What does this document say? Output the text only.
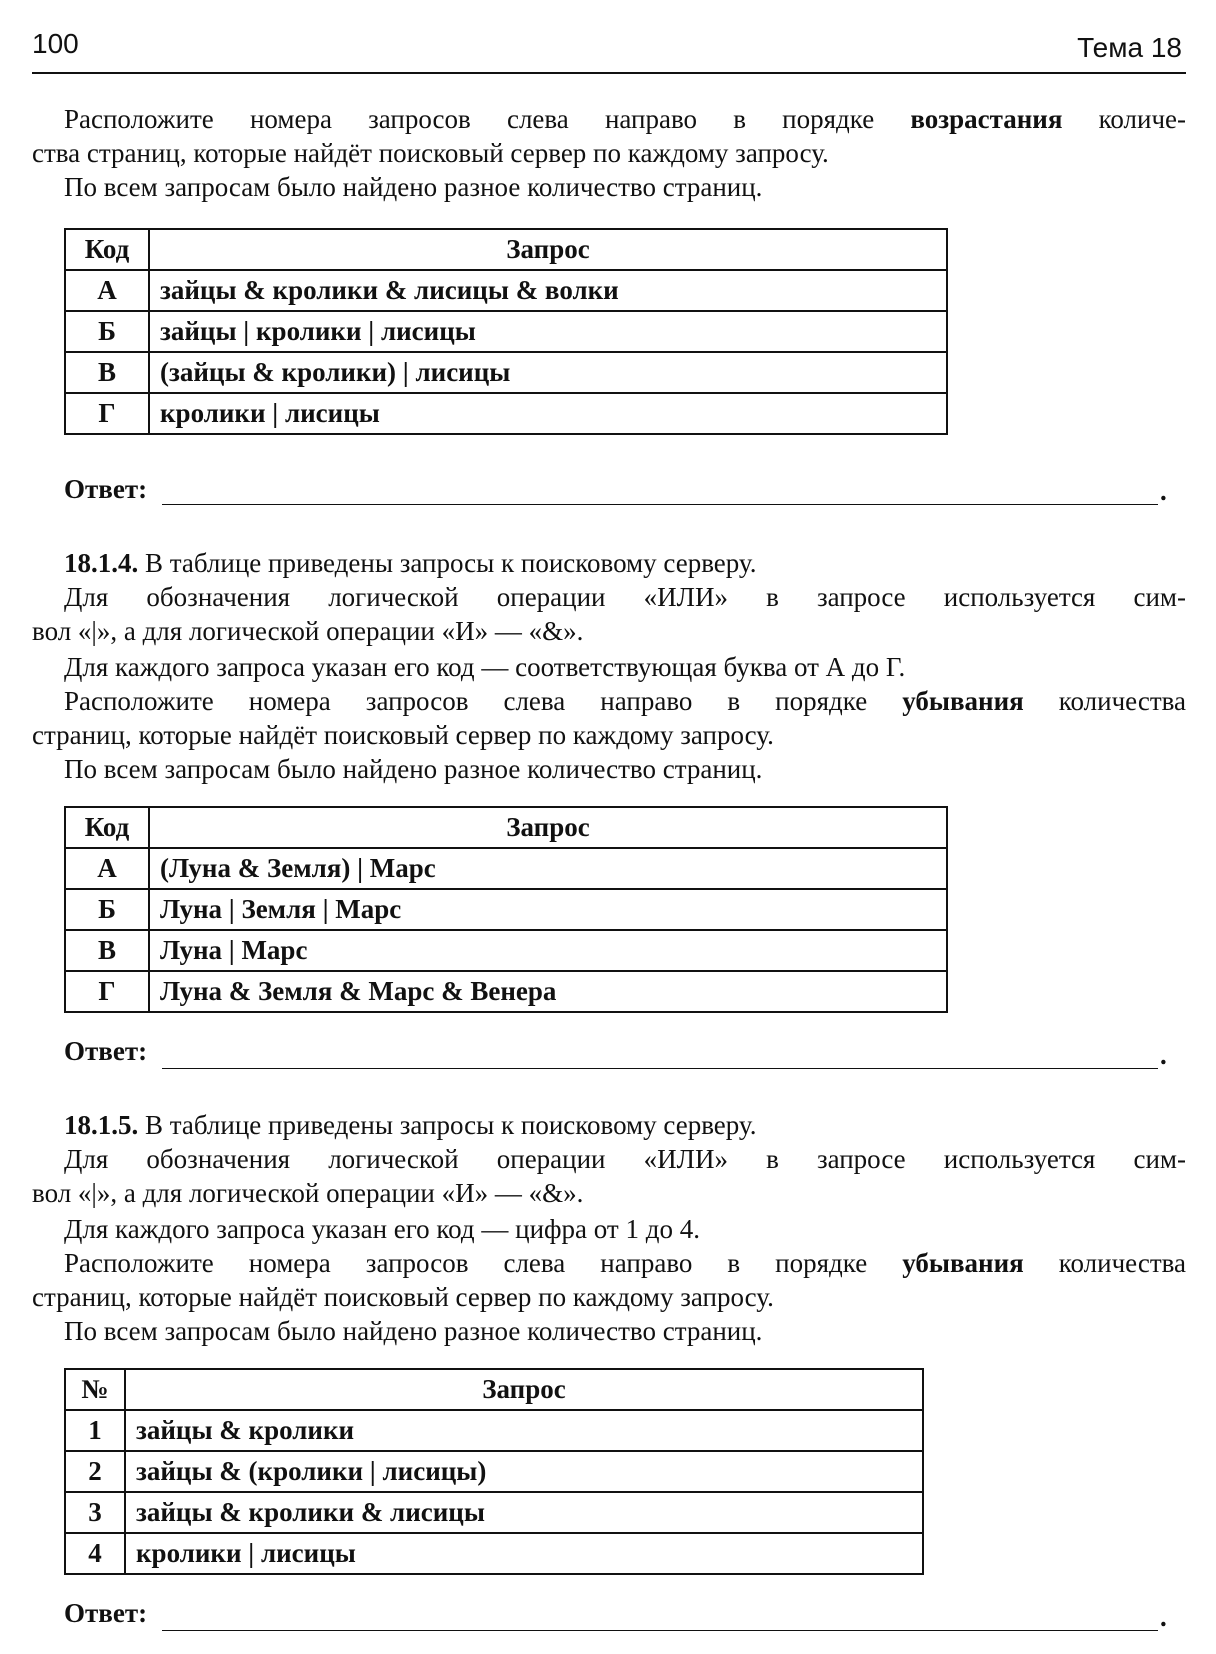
100	Тема 18
Расположите номера запросов слева направо в порядке возрастания количе-
ства страниц, которые найдёт поисковый сервер по каждому запросу.
По всем запросам было найдено разное количество страниц.
Код	Запрос
А	зайцы & кролики & лисицы & волки
Б	зайцы | кролики | лисицы
В	(зайцы & кролики) | лисицы
Г	кролики | лисицы
Ответ:	.
18.1.4. В таблице приведены запросы к поисковому серверу.
Для обозначения логической операции «ИЛИ» в запросе используется сим-
вол «|», а для логической операции «И» — «&».
Для каждого запроса указан его код — соответствующая буква от А до Г.
Расположите номера запросов слева направо в порядке убывания количества
страниц, которые найдёт поисковый сервер по каждому запросу.
По всем запросам было найдено разное количество страниц.
Код	Запрос
А	(Луна & Земля) | Марс
Б	Луна | Земля | Марс
В	Луна | Марс
Г	Луна & Земля & Марс & Венера
Ответ:	.
18.1.5. В таблице приведены запросы к поисковому серверу.
Для обозначения логической операции «ИЛИ» в запросе используется сим-
вол «|», а для логической операции «И» — «&».
Для каждого запроса указан его код — цифра от 1 до 4.
Расположите номера запросов слева направо в порядке убывания количества
страниц, которые найдёт поисковый сервер по каждому запросу.
По всем запросам было найдено разное количество страниц.
№	Запрос
1	зайцы & кролики
2	зайцы & (кролики | лисицы)
3	зайцы & кролики & лисицы
4	кролики | лисицы
Ответ:	.
